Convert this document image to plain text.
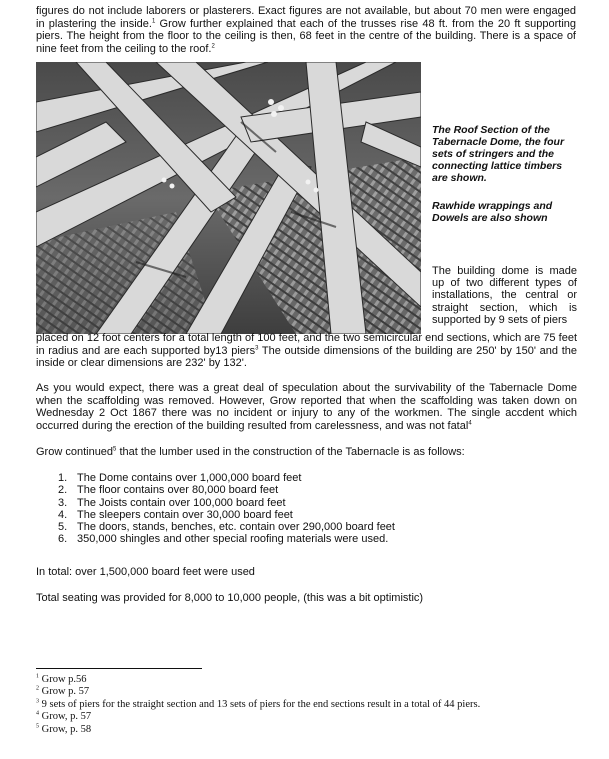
figures do not include laborers or plasterers. Exact figures are not available, but about 70 men were engaged in plastering the inside.$^1$ Grow further explained that each of the trusses rise 48 ft. from the 20 ft supporting piers. The height from the floor to the ceiling is then, 68 feet in the centre of the building. There is a space of nine feet from the ceiling to the roof.$^2$

The Roof Section of the Tabernacle Dome, the four sets of stringers and the connecting lattice timbers are shown.

Rawhide wrappings and Dowels are also shown

The building dome is made up of two different types of installations, the central or straight section, which is supported by 9 sets of piers

placed on 12 foot centers for a total length of 100 feet, and the two semicircular end sections, which are 75 feet in radius and are each supported by13 piers$^3$ The outside dimensions of the building are 250' by 150' and the inside or clear dimensions are 232' by 132'.

As you would expect, there was a great deal of speculation about the survivability of the Tabernacle Dome when the scaffolding was removed. However, Grow reported that when the scaffolding was taken down on Wednesday 2 Oct 1867 there was no incident or injury to any of the workmen. The single accdent which occurred during the erection of the building resulted from carelessness, and was not fatal$^4$

Grow continued$^5$ that the lumber used in the construction of the Tabernacle is as follows:

1. The Dome contains over 1,000,000 board feet
2. The floor contains over 80,000 board feet
3. The Joists contain over 100,000 board feet
4. The sleepers contain over 30,000 board feet
5. The doors, stands, benches, etc. contain over 290,000 board feet
6. 350,000 shingles and other special roofing materials were used.

In total: over 1,500,000 board feet were used

Total seating was provided for 8,000 to 10,000 people, (this was a bit optimistic)

$^1$ Grow p.56
$^2$ Grow p. 57
$^3$ 9 sets of piers for the straight section and 13 sets of piers for the end sections result in a total of 44 piers.
$^4$ Grow, p. 57
$^5$ Grow, p. 58
